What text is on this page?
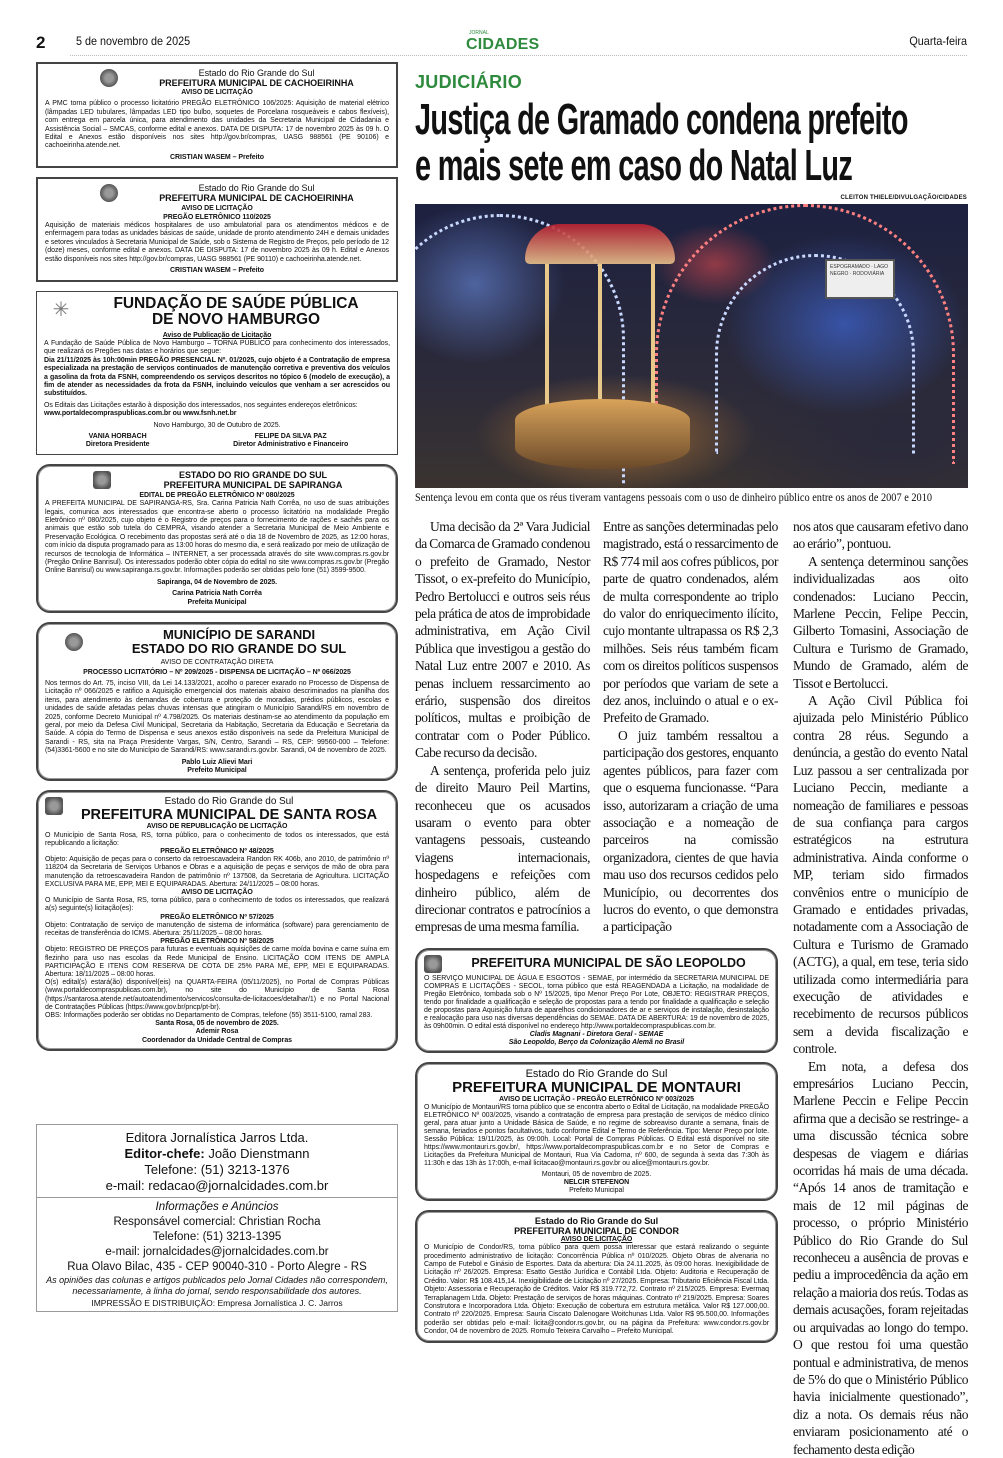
2	5 de novembro de 2025
JORNAL
CIDADES	Quarta-feira
Estado do Rio Grande do Sul
PREFEITURA MUNICIPAL DE CACHOEIRINHA
AVISO DE LICITAÇÃO
A PMC torna público o processo licitatório PREGÃO ELETRÔNICO 106/2025: Aquisição de material elétrico (lâmpadas LED tubulares, lâmpadas LED tipo bulbo, soquetes de Porcelana rosqueáveis e cabos flexíveis), com entrega em parcela única, para atendimento das unidades da Secretaria Municipal de Cidadania e Assistência Social – SMCAS, conforme edital e anexos. DATA DE DISPUTA: 17 de novembro 2025 às 09 h. O Edital e Anexos estão disponíveis nos sites http://gov.br/compras, UASG 988561 (PE 90106) e cachoeirinha.atende.net.
CRISTIAN WASEM – Prefeito
Estado do Rio Grande do Sul
PREFEITURA MUNICIPAL DE CACHOEIRINHA
AVISO DE LICITAÇÃO
PREGÃO ELETRÔNICO 110/2025
Aquisição de materiais médicos hospitalares de uso ambulatorial para os atendimentos médicos e de enfermagem para todas as unidades básicas de saúde, unidade de pronto atendimento 24H e demais unidades e setores vinculados à Secretaria Municipal de Saúde, sob o Sistema de Registro de Preços, pelo período de 12 (doze) meses, conforme edital e anexos. DATA DE DISPUTA: 17 de novembro 2025 às 09 h. Edital e Anexos estão disponíveis nos sites http://gov.br/compras, UASG 988561 (PE 90110) e cachoeirinha.atende.net.
CRISTIAN WASEM – Prefeito
✳	FUNDAÇÃO DE SAÚDE PÚBLICA
DE NOVO HAMBURGO
Aviso de Publicação de Licitação
A Fundação de Saúde Pública de Novo Hamburgo – TORNA PÚBLICO para conhecimento dos interessados, que realizará os Pregões nas datas e horários que segue:
Dia 21/11/2025 às 10h:00min PREGÃO PRESENCIAL Nº. 01/2025, cujo objeto é a Contratação de empresa especializada na prestação de serviços continuados de manutenção corretiva e preventiva dos veículos a gasolina da frota da FSNH, compreendendo os serviços descritos no tópico 6 (modelo de execução), a fim de atender as necessidades da frota da FSNH, incluindo veículos que venham a ser acrescidos ou substituídos.
Os Editais das Licitações estarão à disposição dos interessados, nos seguintes endereços eletrônicos:
www.portaldecompraspublicas.com.br ou www.fsnh.net.br
Novo Hamburgo, 30 de Outubro de 2025.
VANIA HORBACH
Diretora Presidente
FELIPE DA SILVA PAZ
Diretor Administrativo e Financeiro
ESTADO DO RIO GRANDE DO SUL
PREFEITURA MUNICIPAL DE SAPIRANGA
EDITAL DE PREGÃO ELETRÔNICO Nº 080/2025
A PREFEITA MUNICIPAL DE SAPIRANGA-RS, Sra. Carina Patricia Nath Corrêa, no uso de suas atribuições legais, comunica aos interessados que encontra-se aberto o processo licitatório na modalidade Pregão Eletrônico nº 080/2025, cujo objeto é o Registro de preços para o fornecimento de rações e sachês para os animais que estão sob tutela do CEMPRA, visando atender a Secretaria Municipal de Meio Ambiente e Preservação Ecológica. O recebimento das propostas será até o dia 18 de Novembro de 2025, as 12:00 horas, com início da disputa programado para as 13:00 horas do mesmo dia, e será realizado por meio de utilização de recursos de tecnologia de Informática – INTERNET, a ser processada através do site www.compras.rs.gov.br (Pregão Online Banrisul). Os interessados poderão obter cópia do edital no site www.compras.rs.gov.br (Pregão Online Banrisul) ou www.sapiranga.rs.gov.br. Informações poderão ser obtidas pelo fone (51) 3599-9500.
Sapiranga, 04 de Novembro de 2025.
Carina Patricia Nath Corrêa
Prefeita Municipal
MUNICÍPIO DE SARANDI
ESTADO DO RIO GRANDE DO SUL
AVISO DE CONTRATAÇÃO DIRETA
PROCESSO LICITATÓRIO – Nº 209/2025 - DISPENSA DE LICITAÇÃO – Nº 066/2025
Nos termos do Art. 75, inciso VIII, da Lei 14.133/2021, acolho o parecer exarado no Processo de Dispensa de Licitação nº 066/2025 e ratifico a Aquisição emergencial dos materiais abaixo descriminados na planilha dos itens, para atendimento às demandas de cobertura e proteção de moradias, prédios públicos, escolas e unidades de saúde afetadas pelas chuvas intensas que atingiram o Município Sarandi/RS em novembro de 2025, conforme Decreto Municipal nº 4.798/2025. Os materiais destinam-se ao atendimento da população em geral, por meio da Defesa Civil Municipal, Secretaria da Habitação, Secretaria da Educação e Secretaria da Saúde. A cópia do Termo de Dispensa e seus anexos estão disponíveis na sede da Prefeitura Municipal de Sarandi - RS, sita na Praça Presidente Vargas, S/N, Centro, Sarandi – RS, CEP: 99560-000 – Telefone: (54)3361-5600 e no site do Município de Sarandi/RS: www.sarandi.rs.gov.br. Sarandi, 04 de novembro de 2025.
Pablo Luiz Alievi Mari
Prefeito Municipal
Estado do Rio Grande do Sul
PREFEITURA MUNICIPAL DE SANTA ROSA
AVISO DE REPUBLICAÇÃO DE LICITAÇÃO
O Município de Santa Rosa, RS, torna público, para o conhecimento de todos os interessados, que está republicando a licitação:
PREGÃO ELETRÔNICO Nº 48/2025
Objeto: Aquisição de peças para o conserto da retroescavadeira Randon RK 406b, ano 2010, de patrimônio nº 118204 da Secretaria de Serviços Urbanos e Obras e a aquisição de peças e serviços de mão de obra para manutenção da retroescavadeira Randon de patrimônio nº 137508, da Secretaria de Agricultura. LICITAÇÃO EXCLUSIVA PARA ME, EPP, MEI E EQUIPARADAS. Abertura: 24/11/2025 – 08:00 horas.
AVISO DE LICITAÇÃO
O Município de Santa Rosa, RS, torna público, para o conhecimento de todos os interessados, que realizará a(s) seguinte(s) licitação(es):
PREGÃO ELETRÔNICO Nº 57/2025
Objeto: Contratação de serviço de manutenção de sistema de informática (software) para gerenciamento de receitas de transferência do ICMS. Abertura: 25/11/2025 – 08:00 horas.
PREGÃO ELETRÔNICO Nº 58/2025
Objeto: REGISTRO DE PREÇOS para futuras e eventuais aquisições de carne moída bovina e carne suína em flezinho para uso nas escolas da Rede Municipal de Ensino. LICITAÇÃO COM ITENS DE AMPLA PARTICIPAÇÃO E ITENS COM RESERVA DE COTA DE 25% PARA ME, EPP, MEI E EQUIPARADAS. Abertura: 18/11/2025 – 08:00 horas.
O(s) edital(s) estará(ão) disponível(eis) na QUARTA-FEIRA (05/11/2025), no Portal de Compras Públicas (www.portaldecompraspublicas.com.br), no site do Município de Santa Rosa (https://santarosa.atende.net/autoatendimento/servicos/consulta-de-licitacoes/detalhar/1) e no Portal Nacional de Contratações Públicas (https://www.gov.br/pncp/pt-br).
OBS: Informações poderão ser obtidas no Departamento de Compras, telefone (55) 3511-5100, ramal 283.
Santa Rosa, 05 de novembro de 2025.
Ademir Rosa
Coordenador da Unidade Central de Compras
Editora Jornalística Jarros Ltda.
Editor-chefe: João Dienstmann
Telefone: (51) 3213-1376
e-mail: redacao@jornalcidades.com.br
Informações e Anúncios
Responsável comercial: Christian Rocha
Telefone: (51) 3213-1395
e-mail: jornalcidades@jornalcidades.com.br
Rua Olavo Bilac, 435 - CEP 90040-310 - Porto Alegre - RS
As opiniões das colunas e artigos publicados pelo Jornal Cidades não correspondem, necessariamente, à linha do jornal, sendo responsabilidade dos autores.
IMPRESSÃO E DISTRIBUIÇÃO: Empresa Jornalística J. C. Jarros
JUDICIÁRIO
Justiça de Gramado condena prefeito
e mais sete em caso do Natal Luz
CLEITON THIELE/DIVULGAÇÃO/CIDADES
ESPOGRAMADO · LAGO NEGRO · RODOVIÁRIA
Sentença levou em conta que os réus tiveram vantagens pessoais com o uso de dinheiro público entre os anos de 2007 e 2010

Uma decisão da 2ª Vara Judicial da Comarca de Gramado condenou o prefeito de Gramado, Nestor Tissot, o ex-prefeito do Município, Pedro Bertolucci e outros seis réus pela prática de atos de improbidade administrativa, em Ação Civil Pública que investigou a gestão do Natal Luz entre 2007 e 2010. As penas incluem ressarcimento ao erário, suspensão dos direitos políticos, multas e proibição de contratar com o Poder Público. Cabe recurso da decisão.

A sentença, proferida pelo juiz de direito Mauro Peil Martins, reconheceu que os acusados usaram o evento para obter vantagens pessoais, custeando viagens internacionais, hospedagens e refeições com dinheiro público, além de direcionar contratos e patrocínios a empresas de uma mesma família.

Entre as sanções determinadas pelo magistrado, está o ressarcimento de R$ 774 mil aos cofres públicos, por parte de quatro condenados, além de multa correspondente ao triplo do valor do enriquecimento ilícito, cujo montante ultrapassa os R$ 2,3 milhões. Seis réus também ficam com os direitos políticos suspensos por períodos que variam de sete a dez anos, incluindo o atual e o ex-Prefeito de Gramado.

O juiz também ressaltou a participação dos gestores, enquanto agentes públicos, para fazer com que o esquema funcionasse. “Para isso, autorizaram a criação de uma associação e a nomeação de parceiros na comissão organizadora, cientes de que havia mau uso dos recursos cedidos pelo Município, ou decorrentes dos lucros do evento, o que demonstra a participação

PREFEITURA MUNICIPAL DE SÃO LEOPOLDO
O SERVIÇO MUNICIPAL DE ÁGUA E ESGOTOS - SEMAE, por intermédio da SECRETARIA MUNICIPAL DE COMPRAS E LICITAÇÕES - SECOL, torna público que está REAGENDADA a Licitação, na modalidade de Pregão Eletrônico, tombada sob o Nº 15/2025, tipo Menor Preço Por Lote, OBJETO: REGISTRAR PREÇOS, tendo por finalidade a qualificação e seleção de propostas para a tendo por finalidade a qualificação e seleção de propostas para Aquisição futura de aparelhos condicionadores de ar e serviços de instalação, desinstalação e realocação para uso nas diversas dependências do SEMAE. DATA DE ABERTURA: 19 de novembro de 2025, às 09h00min. O edital está disponível no endereço http://www.portaldecompraspublicas.com.br.
Cladis Magnani - Diretora Geral - SEMAE
São Leopoldo, Berço da Colonização Alemã no Brasil
Estado do Rio Grande do Sul
PREFEITURA MUNICIPAL DE MONTAURI
AVISO DE LICITAÇÃO - PREGÃO ELETRÔNICO Nº 003/2025
O Município de Montauri/RS torna público que se encontra aberto o Edital de Licitação, na modalidade PREGÃO ELETRÔNICO Nº 003/2025, visando a contratação de empresa para prestação de serviços de médico clínico geral, para atuar junto a Unidade Básica de Saúde, e no regime de sobreaviso durante a semana, finais de semana, feriados e pontos facultativos, tudo conforme Edital e Termo de Referência. Tipo: Menor Preço por lote. Sessão Pública: 19/11/2025, às 09:00h. Local: Portal de Compras Públicas. O Edital está disponível no site https://www.montauri.rs.gov.br/, https://www.portaldecompraspublicas.com.br e no Setor de Compras e Licitações da Prefeitura Municipal de Montauri, Rua Via Cadorna, nº 600, de segunda à sexta das 7:30h às 11:30h e das 13h às 17:00h, e-mail licitacao@montauri.rs.gov.br ou alice@montauri.rs.gov.br.
Montauri, 05 de novembro de 2025.
NELCIR STEFENON
Prefeito Municipal
Estado do Rio Grande do Sul
PREFEITURA MUNICIPAL DE CONDOR
AVISO DE LICITAÇÃO
O Município de Condor/RS, torna público para quem possa interessar que estará realizando o seguinte procedimento administrativo de licitação: Concorrência Pública nº 010/2025. Objeto Obras de alvenaria no Campo de Futebol e Ginásio de Esportes. Data da abertura: Dia 24.11.2025, às 09:00 horas. Inexigibilidade de Licitação nº 26/2025. Empresa: Esatto Gestão Jurídica e Contábil Ltda. Objeto: Auditoria e Recuperação de Crédito. Valor: R$ 108.415,14. Inexigibilidade de Licitação nº 27/2025. Empresa: Tributario Eficiência Fiscal Ltda. Objeto: Assessoria e Recuperação de Créditos. Valor R$ 319.772,72. Contrato nº 215/2025. Empresa: Evermaq Terraplanagem Ltda. Objeto: Prestação de serviços de horas máquinas. Contrato nº 219/2025. Empresa: Soares Construtora e Incorporadora Ltda. Objeto: Execução de cobertura em estrutura metálica. Valor R$ 127.000,00. Contrato nº 220/2025. Empresa: Sauria Ciscato Dalenogare Woitchunas Ltda. Valor R$ 95.500,00. Informações poderão ser obtidas pelo e-mail: licita@condor.rs.gov.br, ou na página da Prefeitura: www.condor.rs.gov.br Condor, 04 de novembro de 2025. Romulo Teixeira Carvalho – Prefeito Municipal.

nos atos que causaram efetivo dano ao erário”, pontuou.

A sentença determinou sanções individualizadas aos oito condenados: Luciano Peccin, Marlene Peccin, Felipe Peccin, Gilberto Tomasini, Associação de Cultura e Turismo de Gramado, Mundo de Gramado, além de Tissot e Bertolucci.

A Ação Civil Pública foi ajuizada pelo Ministério Público contra 28 réus. Segundo a denúncia, a gestão do evento Natal Luz passou a ser centralizada por Luciano Peccin, mediante a nomeação de familiares e pessoas de sua confiança para cargos estratégicos na estrutura administrativa. Ainda conforme o MP, teriam sido firmados convênios entre o município de Gramado e entidades privadas, notadamente com a Associação de Cultura e Turismo de Gramado (ACTG), a qual, em tese, teria sido utilizada como intermediária para execução de atividades e recebimento de recursos públicos sem a devida fiscalização e controle.

Em nota, a defesa dos empresários Luciano Peccin, Marlene Peccin e Felipe Peccin afirma que a decisão se restringe- a uma discussão técnica sobre despesas de viagem e diárias ocorridas há mais de uma década. “Após 14 anos de tramitação e mais de 12 mil páginas de processo, o próprio Ministério Público do Rio Grande do Sul reconheceu a ausência de provas e pediu a improcedência da ação em relação a maioria dos reús. Todas as demais acusações, foram rejeitadas ou arquivadas ao longo do tempo. O que restou foi uma questão pontual e administrativa, de menos de 5% do que o Ministério Público havia inicialmente questionado”, diz a nota. Os demais réus não enviaram posicionamento até o fechamento desta edição
